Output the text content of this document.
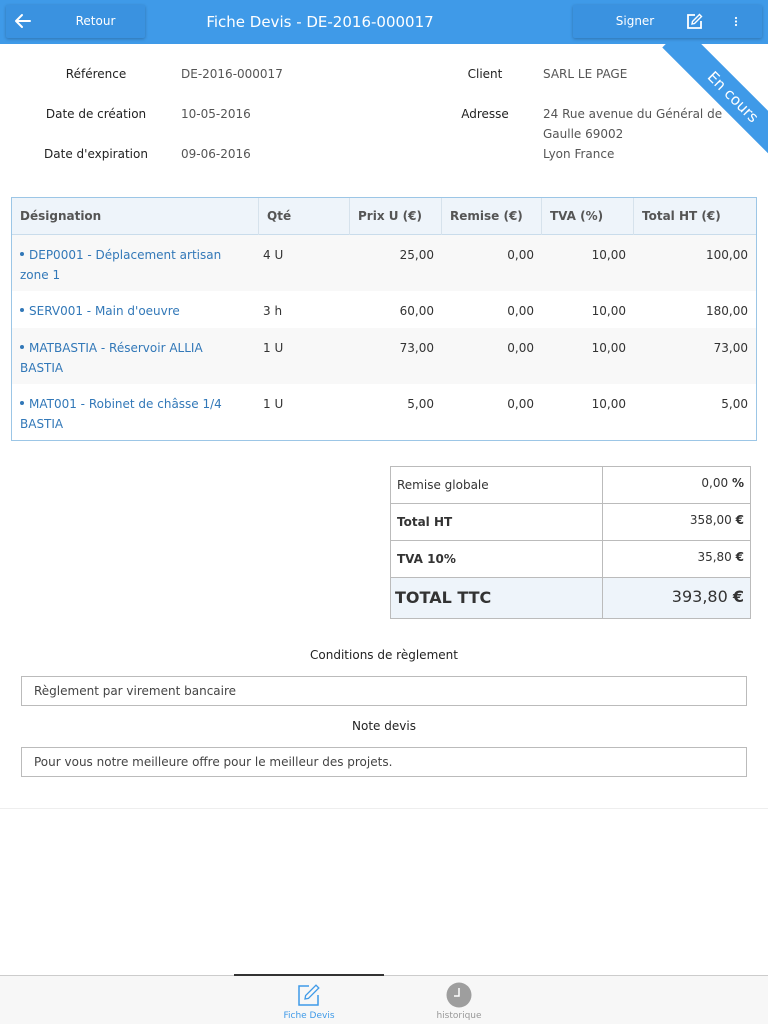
Retour	Fiche Devis - DE-2016-000017	Signer
En cours
Référence	DE-2016-000017
Date de création	10-05-2016
Date d'expiration	09-06-2016
Client	SARL LE PAGE
Adresse	24 Rue avenue du Général de
Gaulle 69002
Lyon France
Désignation	Qté	Prix U (€)	Remise (€)	TVA (%)	Total HT (€)
DEP0001 - Déplacement artisan
zone 1
4 U	25,00	0,00	10,00	100,00
SERV001 - Main d'oeuvre	3 h	60,00	0,00	10,00	180,00
MATBASTIA - Réservoir ALLIA
BASTIA
1 U	73,00	0,00	10,00	73,00
MAT001 - Robinet de châsse 1/4
BASTIA
1 U	5,00	0,00	10,00	5,00
Remise globale	0,00 %
Total HT	358,00 €
TVA 10%	35,80 €
TOTAL TTC	393,80 €
Conditions de règlement
Règlement par virement bancaire
Note devis
Pour vous notre meilleure offre pour le meilleur des projets.
Fiche Devis	historique
